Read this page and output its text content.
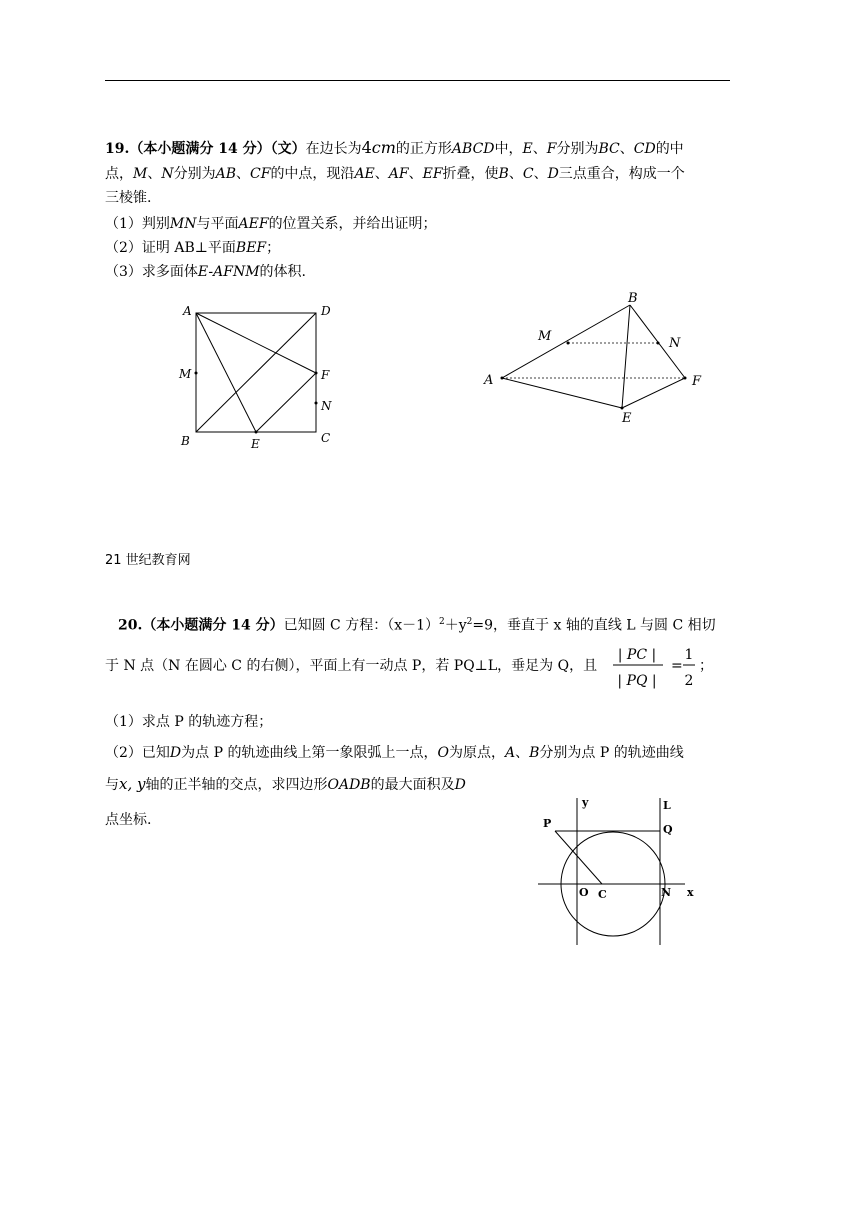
19.（本小题满分 14 分）（文）在边长为4cm的正方形ABCD中，E、F分别为BC、CD的中
点，M、N分别为AB、CF的中点，现沿AE、AF、EF折叠，使B、C、D三点重合，构成一个
三棱锥.
（1）判别MN与平面AEF的位置关系，并给出证明；
（2）证明 AB⊥平面BEF；
（3）求多面体E-AFNM的体积.
A	D
M	F
N
B	E	C
B
M	N
A	F
E
21 世纪教育网
20.（本小题满分 14 分）已知圆 C 方程：$(x-1)^2+y^2=9$，垂直于 x 轴的直线 L 与圆 C 相切
于 N 点（N 在圆心 C 的右侧），平面上有一动点 P，若 PQ⊥L，垂足为 Q，且
| PC |
| PQ |
=
1
2
；
（1）求点 P 的轨迹方程；
（2）已知D为点 P 的轨迹曲线上第一象限弧上一点，O为原点，A、B分别为点 P 的轨迹曲线
与x, y轴的正半轴的交点，求四边形OADB的最大面积及D
点坐标.
y	L
P	Q
O C	N x
